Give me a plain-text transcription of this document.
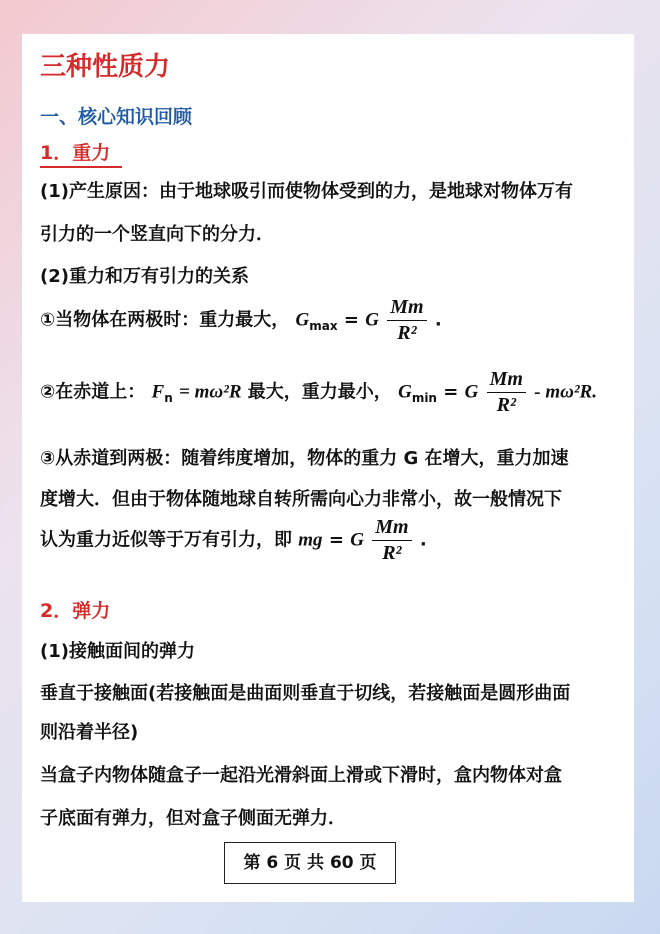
三种性质力
一、核心知识回顾
1．重力
(1)产生原因：由于地球吸引而使物体受到的力，是地球对物体万有
引力的一个竖直向下的分力．
(2)重力和万有引力的关系
①当物体在两极时：重力最大， $G_{max} = G \frac{Mm}{\text{R²}}$ .
②在赤道上： $F_n = m\omega^2R$ 最大，重力最小， $G_{min} = G \frac{Mm}{\text{R²}} - m\omega^2R$.
③从赤道到两极：随着纬度增加，物体的重力 G 在增大，重力加速
度增大．但由于物体随地球自转所需向心力非常小，故一般情况下
认为重力近似等于万有引力，即 mg = G $\frac{Mm}{\text{R²}}$ .
2．弹力
(1)接触面间的弹力
垂直于接触面(若接触面是曲面则垂直于切线，若接触面是圆形曲面
则沿着半径)
当盒子内物体随盒子一起沿光滑斜面上滑或下滑时，盒内物体对盒
子底面有弹力，但对盒子侧面无弹力．
第 6 页 共 60 页
